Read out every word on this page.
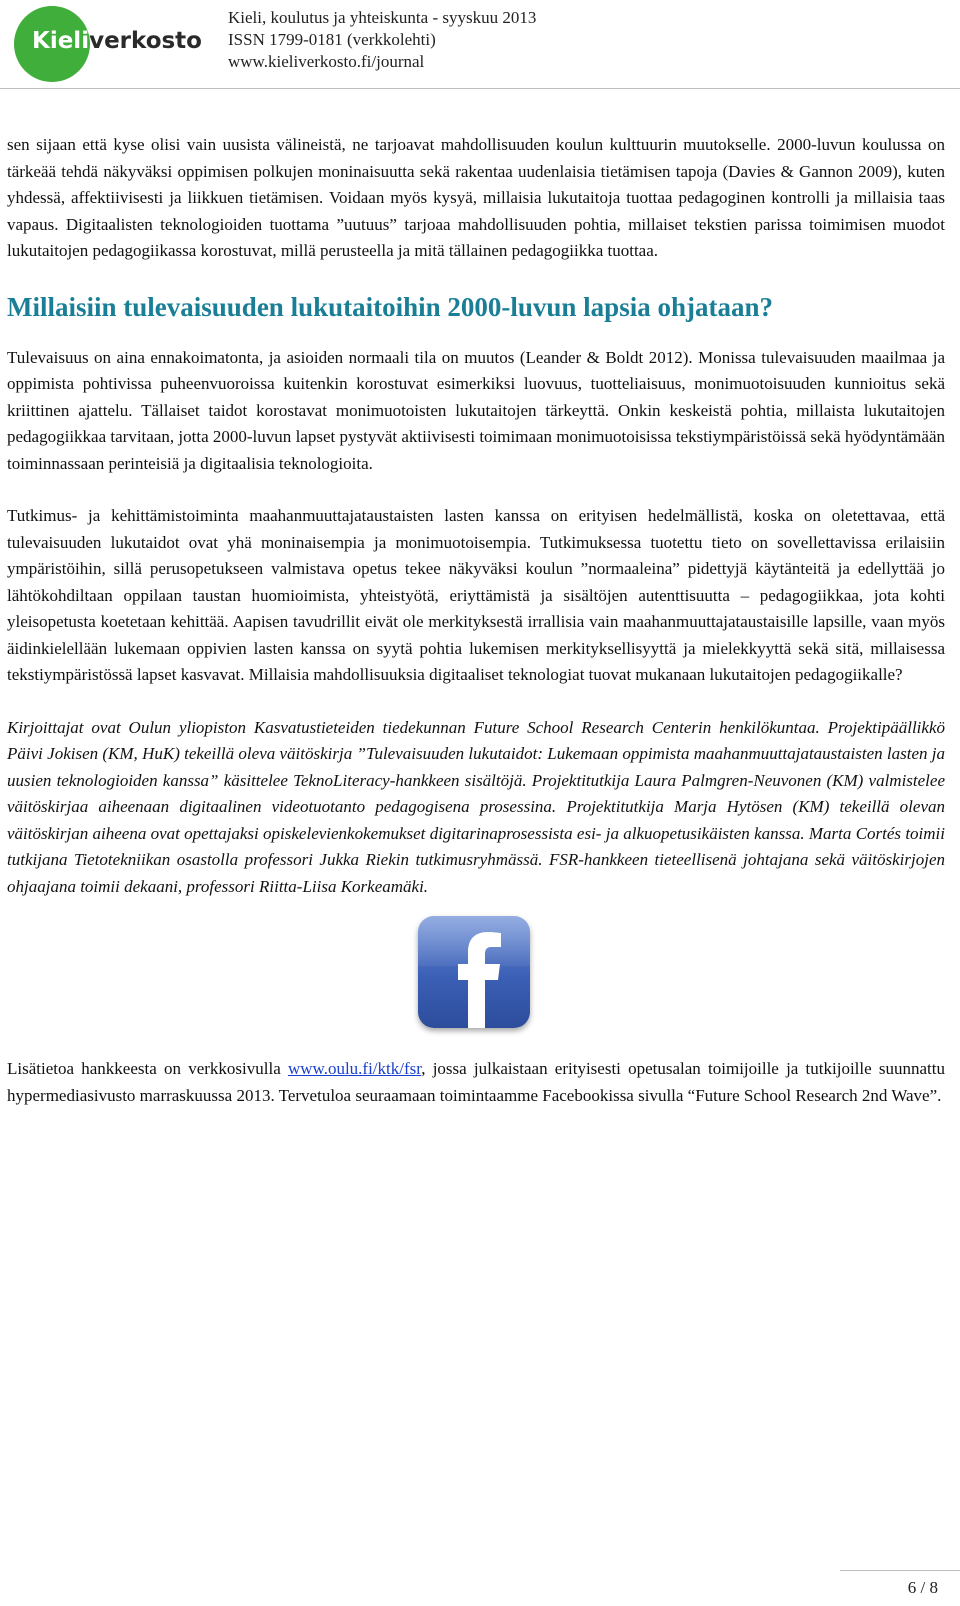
Kieliverkosto
Kieli, koulutus ja yhteiskunta - syyskuu 2013
ISSN 1799-0181 (verkkolehti)
www.kieliverkosto.fi/journal

sen sijaan että kyse olisi vain uusista välineistä, ne tarjoavat mahdollisuuden koulun kulttuurin muutokselle. 2000-luvun koulussa on tärkeää tehdä näkyväksi oppimisen polkujen moninaisuutta sekä rakentaa uudenlaisia tietämisen tapoja (Davies & Gannon 2009), kuten yhdessä, affektiivisesti ja liikkuen tietämisen. Voidaan myös kysyä, millaisia lukutaitoja tuottaa pedagoginen kontrolli ja millaisia taas vapaus. Digitaalisten teknologioiden tuottama ”uutuus” tarjoaa mahdollisuuden pohtia, millaiset tekstien parissa toimimisen muodot lukutaitojen pedagogiikassa korostuvat, millä perusteella ja mitä tällainen pedagogiikka tuottaa.

Millaisiin tulevaisuuden lukutaitoihin 2000-luvun lapsia ohjataan?

Tulevaisuus on aina ennakoimatonta, ja asioiden normaali tila on muutos (Leander & Boldt 2012). Monissa tulevaisuuden maailmaa ja oppimista pohtivissa puheenvuoroissa kuitenkin korostuvat esimerkiksi luovuus, tuotteliaisuus, monimuotoisuuden kunnioitus sekä kriittinen ajattelu. Tällaiset taidot korostavat monimuotoisten lukutaitojen tärkeyttä. Onkin keskeistä pohtia, millaista lukutaitojen pedagogiikkaa tarvitaan, jotta 2000-luvun lapset pystyvät aktiivisesti toimimaan monimuotoisissa tekstiympäristöissä sekä hyödyntämään toiminnassaan perinteisiä ja digitaalisia teknologioita.

Tutkimus- ja kehittämistoiminta maahanmuuttajataustaisten lasten kanssa on erityisen hedelmällistä, koska on oletettavaa, että tulevaisuuden lukutaidot ovat yhä moninaisempia ja monimuotoisempia. Tutkimuksessa tuotettu tieto on sovellettavissa erilaisiin ympäristöihin, sillä perusopetukseen valmistava opetus tekee näkyväksi koulun ”normaaleina” pidettyjä käytänteitä ja edellyttää jo lähtökohdiltaan oppilaan taustan huomioimista, yhteistyötä, eriyttämistä ja sisältöjen autenttisuutta – pedagogiikkaa, jota kohti yleisopetusta koetetaan kehittää. Aapisen tavudrillit eivät ole merkityksestä irrallisia vain maahanmuuttajataustaisille lapsille, vaan myös äidinkielellään lukemaan oppivien lasten kanssa on syytä pohtia lukemisen merkityksellisyyttä ja mielekkyyttä sekä sitä, millaisessa tekstiympäristössä lapset kasvavat. Millaisia mahdollisuuksia digitaaliset teknologiat tuovat mukanaan lukutaitojen pedagogiikalle?

Kirjoittajat ovat Oulun yliopiston Kasvatustieteiden tiedekunnan Future School Research Centerin henkilökuntaa. Projektipäällikkö Päivi Jokisen (KM, HuK) tekeillä oleva väitöskirja ”Tulevaisuuden lukutaidot: Lukemaan oppimista maahanmuuttajataustaisten lasten ja uusien teknologioiden kanssa” käsittelee TeknoLiteracy-hankkeen sisältöjä. Projektitutkija Laura Palmgren-Neuvonen (KM) valmistelee väitöskirjaa aiheenaan digitaalinen videotuotanto pedagogisena prosessina. Projektitutkija Marja Hytösen (KM) tekeillä olevan väitöskirjan aiheena ovat opettajaksi opiskelevienkokemukset digitarinaprosessista esi- ja alkuopetusikäisten kanssa. Marta Cortés toimii tutkijana Tietotekniikan osastolla professori Jukka Riekin tutkimusryhmässä. FSR-hankkeen tieteellisenä johtajana sekä väitöskirjojen ohjaajana toimii dekaani, professori Riitta-Liisa Korkeamäki.

Lisätietoa hankkeesta on verkkosivulla www.oulu.fi/ktk/fsr, jossa julkaistaan erityisesti opetusalan toimijoille ja tutkijoille suunnattu hypermediasivusto marraskuussa 2013. Tervetuloa seuraamaan toimintaamme Facebookissa sivulla “Future School Research 2nd Wave”.

6 / 8
